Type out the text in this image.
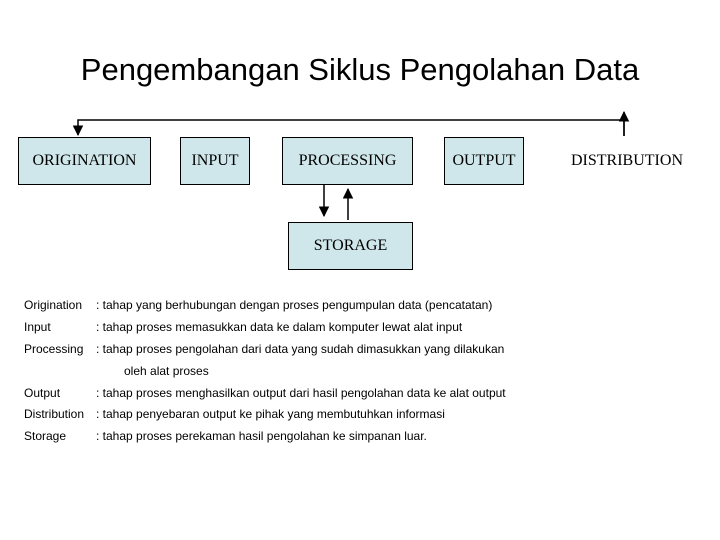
Pengembangan Siklus Pengolahan Data
ORIGINATION	INPUT	PROCESSING	OUTPUT	DISTRIBUTION
STORAGE
Origination : tahap yang berhubungan dengan proses pengumpulan data (pencatatan)
Input	: tahap proses memasukkan data ke dalam komputer lewat alat input
Processing : tahap proses pengolahan dari data yang sudah dimasukkan yang dilakukan
oleh alat proses
Output	: tahap proses menghasilkan output dari hasil pengolahan data ke alat output
Distribution : tahap penyebaran output ke pihak yang membutuhkan informasi
Storage : tahap proses perekaman hasil pengolahan ke simpanan luar.
